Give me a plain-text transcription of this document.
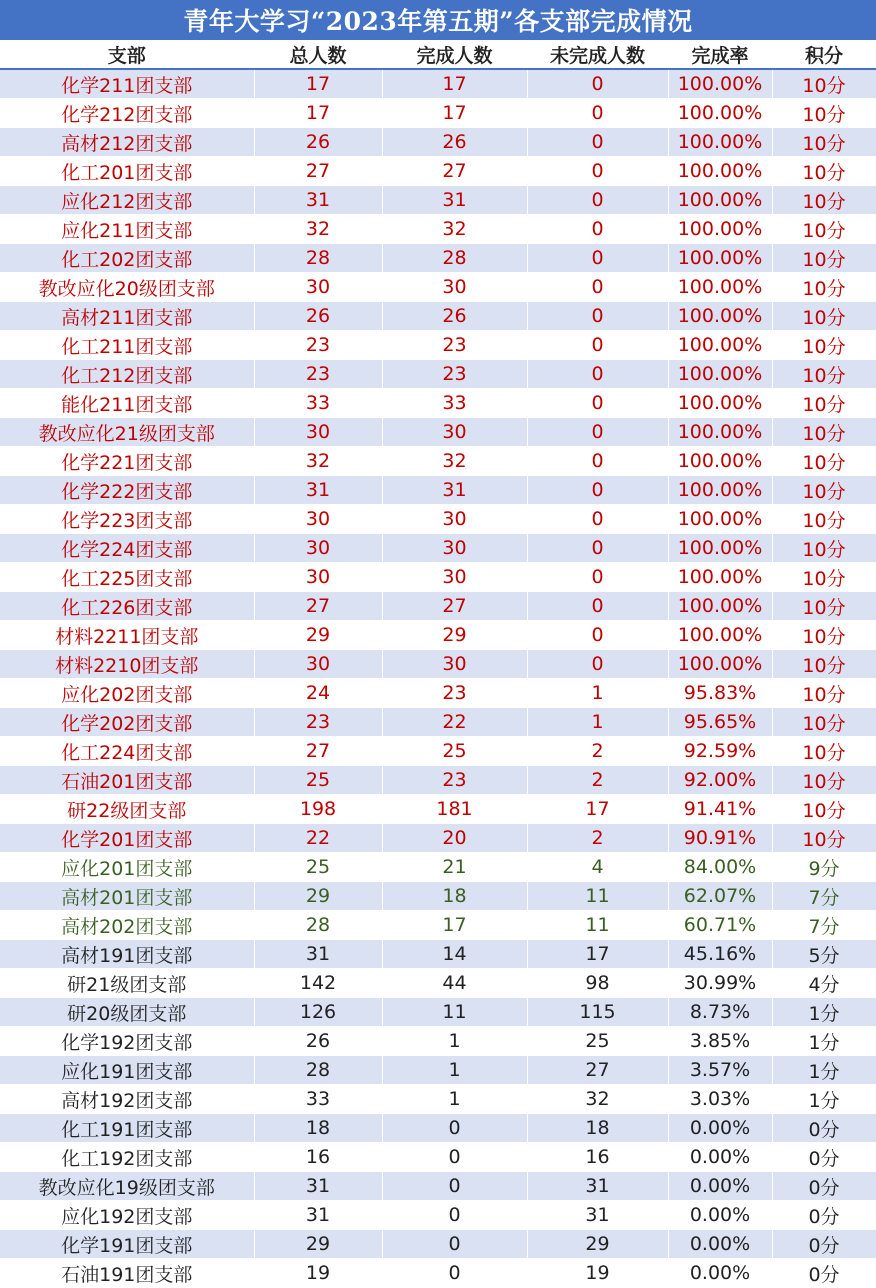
青年大学习“2023年第五期”各支部完成情况
支部	总人数	完成人数	未完成人数	完成率	积分
化学211团支部	17	17	0	100.00%	10分
化学212团支部	17	17	0	100.00%	10分
高材212团支部	26	26	0	100.00%	10分
化工201团支部	27	27	0	100.00%	10分
应化212团支部	31	31	0	100.00%	10分
应化211团支部	32	32	0	100.00%	10分
化工202团支部	28	28	0	100.00%	10分
教改应化20级团支部	30	30	0	100.00%	10分
高材211团支部	26	26	0	100.00%	10分
化工211团支部	23	23	0	100.00%	10分
化工212团支部	23	23	0	100.00%	10分
能化211团支部	33	33	0	100.00%	10分
教改应化21级团支部	30	30	0	100.00%	10分
化学221团支部	32	32	0	100.00%	10分
化学222团支部	31	31	0	100.00%	10分
化学223团支部	30	30	0	100.00%	10分
化学224团支部	30	30	0	100.00%	10分
化工225团支部	30	30	0	100.00%	10分
化工226团支部	27	27	0	100.00%	10分
材料2211团支部	29	29	0	100.00%	10分
材料2210团支部	30	30	0	100.00%	10分
应化202团支部	24	23	1	95.83%	10分
化学202团支部	23	22	1	95.65%	10分
化工224团支部	27	25	2	92.59%	10分
石油201团支部	25	23	2	92.00%	10分
研22级团支部	198	181	17	91.41%	10分
化学201团支部	22	20	2	90.91%	10分
应化201团支部	25	21	4	84.00%	9分
高材201团支部	29	18	11	62.07%	7分
高材202团支部	28	17	11	60.71%	7分
高材191团支部	31	14	17	45.16%	5分
研21级团支部	142	44	98	30.99%	4分
研20级团支部	126	11	115	8.73%	1分
化学192团支部	26	1	25	3.85%	1分
应化191团支部	28	1	27	3.57%	1分
高材192团支部	33	1	32	3.03%	1分
化工191团支部	18	0	18	0.00%	0分
化工192团支部	16	0	16	0.00%	0分
教改应化19级团支部	31	0	31	0.00%	0分
应化192团支部	31	0	31	0.00%	0分
化学191团支部	29	0	29	0.00%	0分
石油191团支部	19	0	19	0.00%	0分
